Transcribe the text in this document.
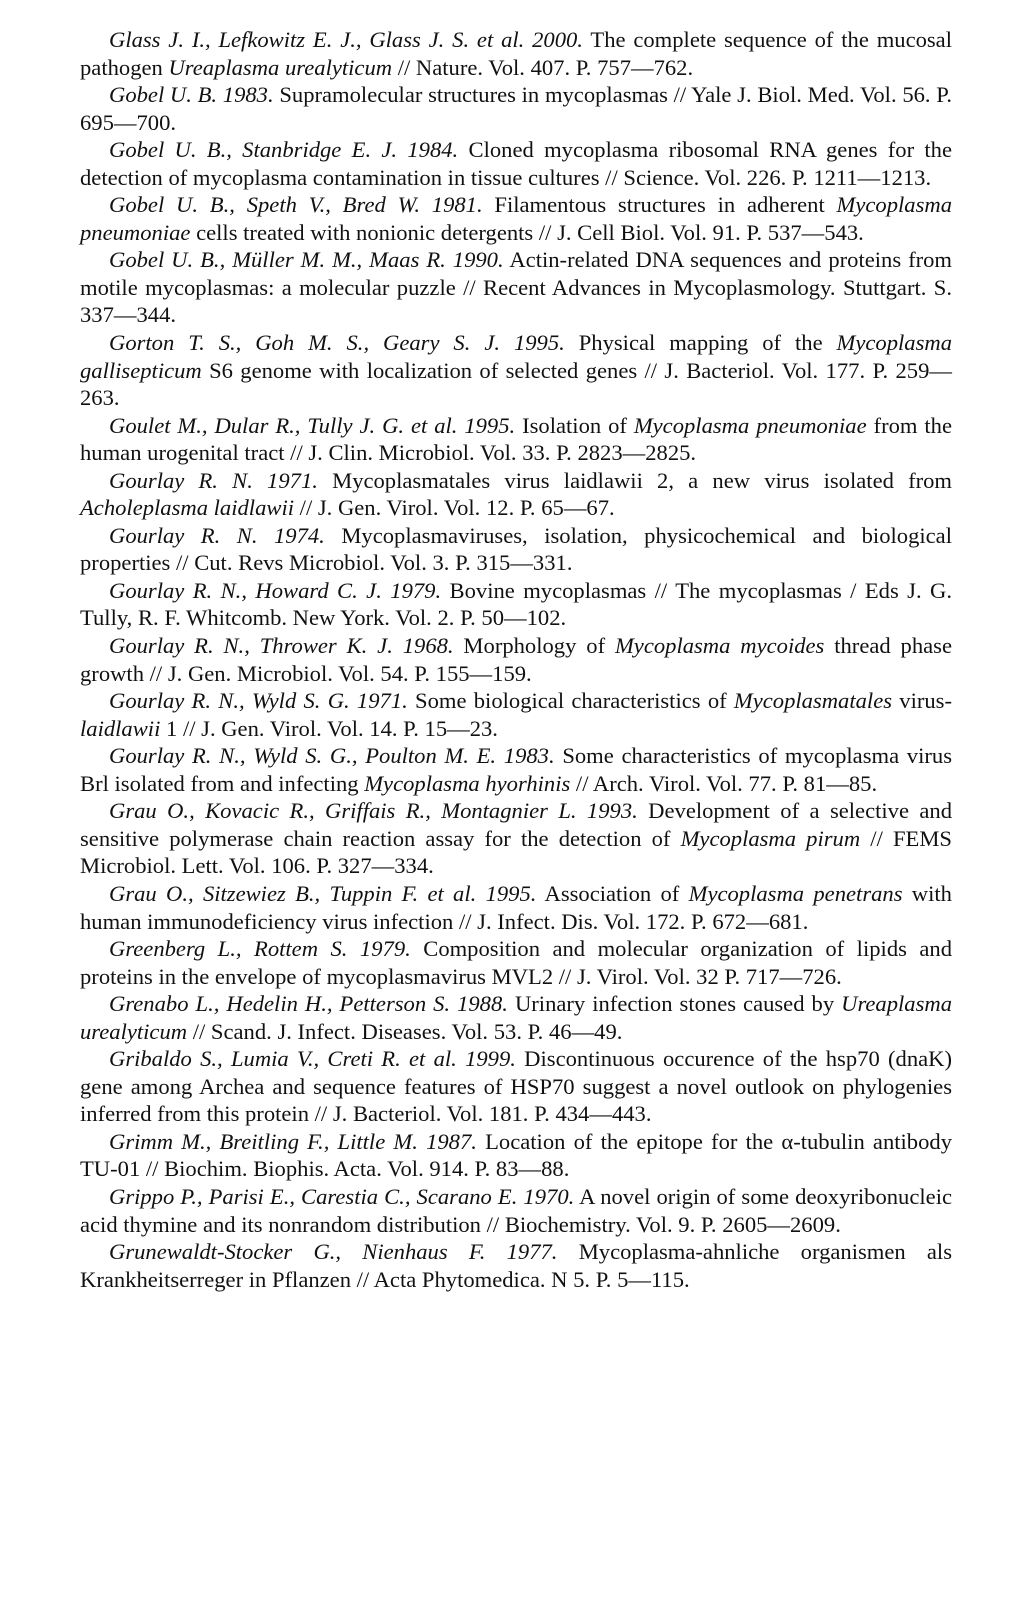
Glass J. I., Lefkowitz E. J., Glass J. S. et al. 2000. The complete sequence of the mucosal pathogen Ureaplasma urealyticum // Nature. Vol. 407. P. 757—762.

Gobel U. B. 1983. Supramolecular structures in mycoplasmas // Yale J. Biol. Med. Vol. 56. P. 695—700.

Gobel U. B., Stanbridge E. J. 1984. Cloned mycoplasma ribosomal RNA genes for the detection of mycoplasma contamination in tissue cultures // Science. Vol. 226. P. 1211—1213.

Gobel U. B., Speth V., Bred W. 1981. Filamentous structures in adherent Mycoplasma pneumoniae cells treated with nonionic detergents // J. Cell Biol. Vol. 91. P. 537—543.

Gobel U. B., Müller M. M., Maas R. 1990. Actin-related DNA sequences and proteins from motile mycoplasmas: a molecular puzzle // Recent Advances in Mycoplasmology. Stuttgart. S. 337—344.

Gorton T. S., Goh M. S., Geary S. J. 1995. Physical mapping of the Mycoplasma gallisepticum S6 genome with localization of selected genes // J. Bacteriol. Vol. 177. P. 259—263.

Goulet M., Dular R., Tully J. G. et al. 1995. Isolation of Mycoplasma pneumoniae from the human urogenital tract // J. Clin. Microbiol. Vol. 33. P. 2823—2825.

Gourlay R. N. 1971. Mycoplasmatales virus laidlawii 2, a new virus isolated from Acholeplasma laidlawii // J. Gen. Virol. Vol. 12. P. 65—67.

Gourlay R. N. 1974. Mycoplasmaviruses, isolation, physicochemical and biological properties // Cut. Revs Microbiol. Vol. 3. P. 315—331.

Gourlay R. N., Howard C. J. 1979. Bovine mycoplasmas // The mycoplasmas / Eds J. G. Tully, R. F. Whitcomb. New York. Vol. 2. P. 50—102.

Gourlay R. N., Thrower K. J. 1968. Morphology of Mycoplasma mycoides thread phase growth // J. Gen. Microbiol. Vol. 54. P. 155—159.

Gourlay R. N., Wyld S. G. 1971. Some biological characteristics of Mycoplasmatales virus-laidlawii 1 // J. Gen. Virol. Vol. 14. P. 15—23.

Gourlay R. N., Wyld S. G., Poulton M. E. 1983. Some characteristics of mycoplasma virus Brl isolated from and infecting Mycoplasma hyorhinis // Arch. Virol. Vol. 77. P. 81—85.

Grau O., Kovacic R., Griffais R., Montagnier L. 1993. Development of a selective and sensitive polymerase chain reaction assay for the detection of Mycoplasma pirum // FEMS Microbiol. Lett. Vol. 106. P. 327—334.

Grau O., Sitzewiez B., Tuppin F. et al. 1995. Association of Mycoplasma penetrans with human immunodeficiency virus infection // J. Infect. Dis. Vol. 172. P. 672—681.

Greenberg L., Rottem S. 1979. Composition and molecular organization of lipids and proteins in the envelope of mycoplasmavirus MVL2 // J. Virol. Vol. 32 P. 717—726.

Grenabo L., Hedelin H., Petterson S. 1988. Urinary infection stones caused by Ureaplasma urealyticum // Scand. J. Infect. Diseases. Vol. 53. P. 46—49.

Gribaldo S., Lumia V., Creti R. et al. 1999. Discontinuous occurence of the hsp70 (dnaK) gene among Archea and sequence features of HSP70 suggest a novel outlook on phylogenies inferred from this protein // J. Bacteriol. Vol. 181. P. 434—443.

Grimm M., Breitling F., Little M. 1987. Location of the epitope for the α-tubulin antibody TU-01 // Biochim. Biophis. Acta. Vol. 914. P. 83—88.

Grippo P., Parisi E., Carestia C., Scarano E. 1970. A novel origin of some deoxyribonucleic acid thymine and its nonrandom distribution // Biochemistry. Vol. 9. P. 2605—2609.

Grunewaldt-Stocker G., Nienhaus F. 1977. Mycoplasma-ahnliche organismen als Krankheitserreger in Pflanzen // Acta Phytomedica. N 5. P. 5—115.
